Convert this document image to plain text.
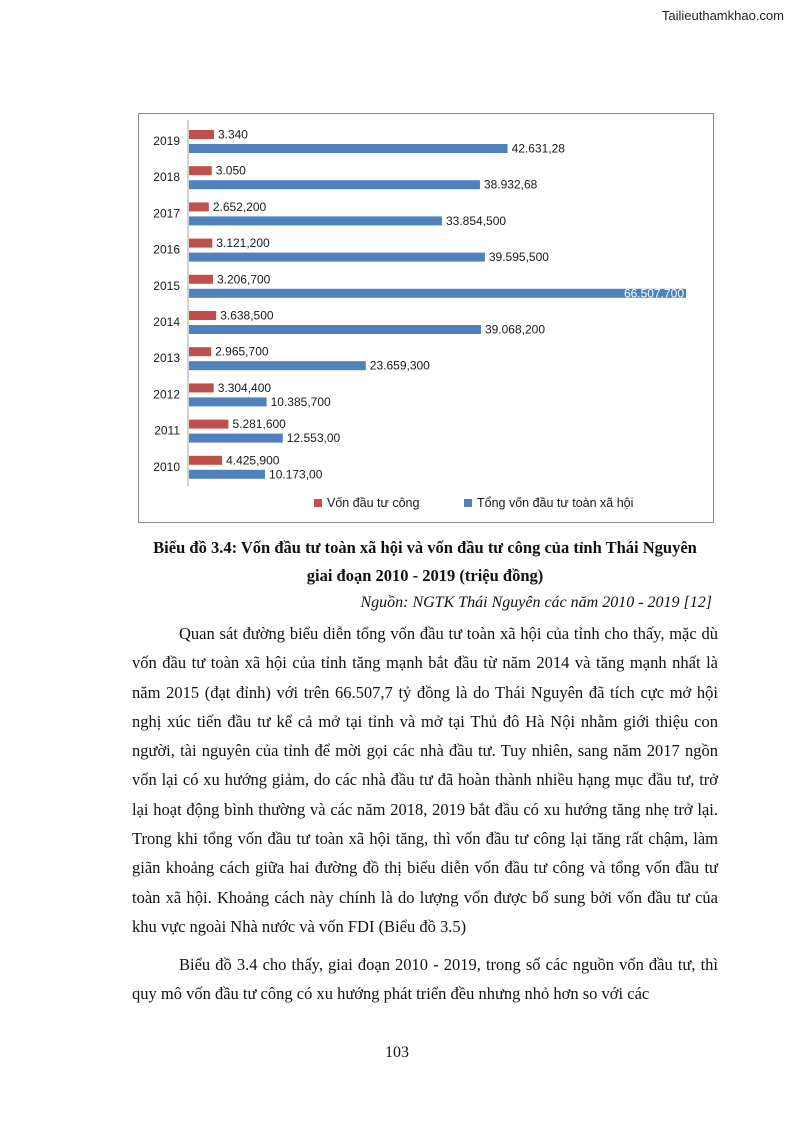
Tailieuthamkhao.com
2010	4.425,900
10.173,00
2011	5.281,600
12.553,00
2012	3.304,400
10.385,700
2013	2.965,700
23.659,300
2014	3.638,500
39.068,200
2015	3.206,700
66.507,700
2016	3.121,200
39.595,500
2017	2.652,200
33.854,500
2018	3.050
38.932,68
2019	3.340
42.631,28
Vốn đầu tư công	Tổng vốn đầu tư toàn xã hội
Biểu đồ 3.4: Vốn đầu tư toàn xã hội và vốn đầu tư công của tỉnh Thái Nguyên
giai đoạn 2010 - 2019 (triệu đồng)
Nguồn: NGTK Thái Nguyên các năm 2010 - 2019 [12]

Quan sát đường biểu diễn tổng vốn đầu tư toàn xã hội của tỉnh cho thấy, mặc dù vốn đầu tư toàn xã hội của tỉnh tăng mạnh bắt đầu từ năm 2014 và tăng mạnh nhất là năm 2015 (đạt đỉnh) với trên 66.507,7 tỷ đồng là do Thái Nguyên đã tích cực mở hội nghị xúc tiến đầu tư kể cả mở tại tỉnh và mở tại Thủ đô Hà Nội nhằm giới thiệu con người, tài nguyên của tỉnh để mời gọi các nhà đầu tư. Tuy nhiên, sang năm 2017 ngồn vốn lại có xu hướng giảm, do các nhà đầu tư đã hoàn thành nhiều hạng mục đầu tư, trở lại hoạt động bình thường và các năm 2018, 2019 bắt đầu có xu hướng tăng nhẹ trở lại. Trong khi tổng vốn đầu tư toàn xã hội tăng, thì vốn đầu tư công lại tăng rất chậm, làm giãn khoảng cách giữa hai đường đồ thị biểu diễn vốn đầu tư công và tổng vốn đầu tư toàn xã hội. Khoảng cách này chính là do lượng vốn được bổ sung bởi vốn đầu tư của khu vực ngoài Nhà nước và vốn FDI (Biểu đồ 3.5)

Biểu đồ 3.4 cho thấy, giai đoạn 2010 - 2019, trong số các nguồn vốn đầu tư, thì quy mô vốn đầu tư công có xu hướng phát triển đều nhưng nhỏ hơn so với các

103
